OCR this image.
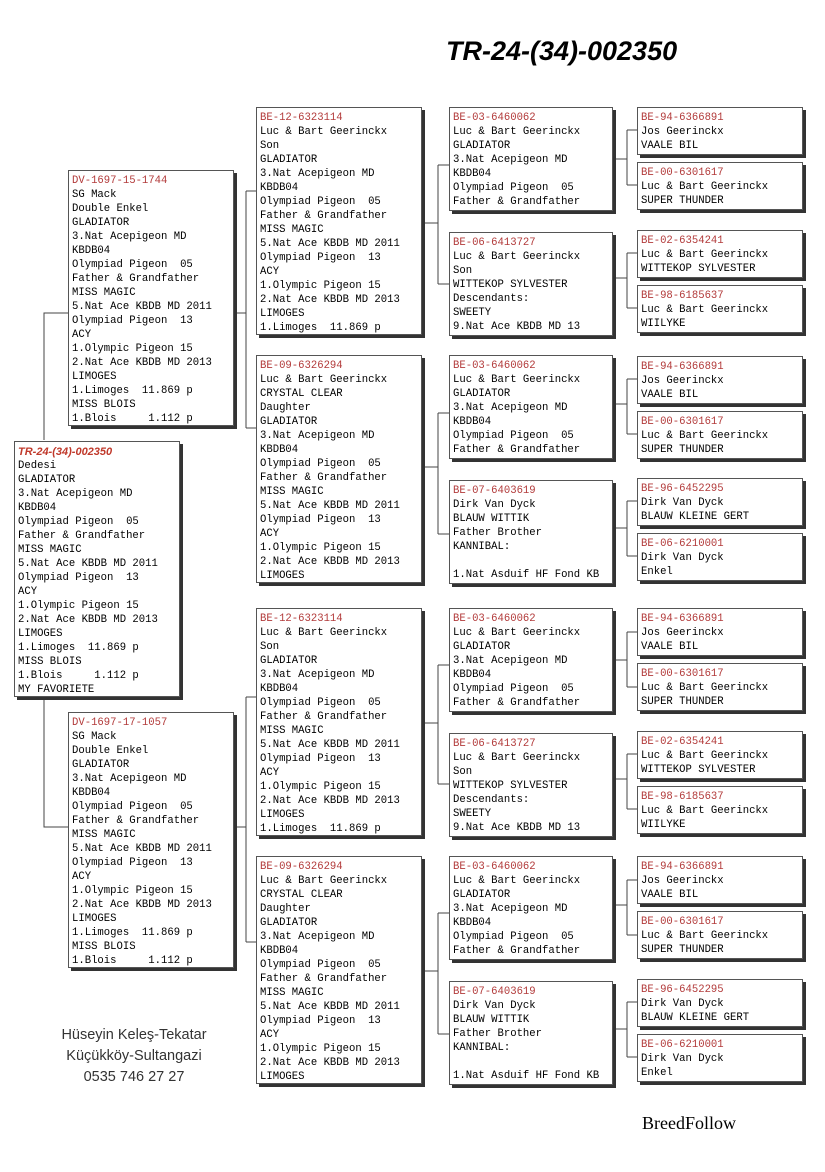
TR-24-(34)-002350
TR-24-(34)-002350
Dedesi
GLADIATOR
3.Nat Acepigeon MD
KBDB04
Olympiad Pigeon  05
Father & Grandfather
MISS MAGIC
5.Nat Ace KBDB MD 2011
Olympiad Pigeon  13
ACY
1.Olympic Pigeon 15
2.Nat Ace KBDB MD 2013
LIMOGES
1.Limoges  11.869 p
MISS BLOIS
1.Blois     1.112 p
MY FAVORIETE
DV-1697-15-1744
SG Mack
Double Enkel
GLADIATOR
3.Nat Acepigeon MD
KBDB04
Olympiad Pigeon  05
Father & Grandfather
MISS MAGIC
5.Nat Ace KBDB MD 2011
Olympiad Pigeon  13
ACY
1.Olympic Pigeon 15
2.Nat Ace KBDB MD 2013
LIMOGES
1.Limoges  11.869 p
MISS BLOIS
1.Blois     1.112 p
DV-1697-17-1057
SG Mack
Double Enkel
GLADIATOR
3.Nat Acepigeon MD
KBDB04
Olympiad Pigeon  05
Father & Grandfather
MISS MAGIC
5.Nat Ace KBDB MD 2011
Olympiad Pigeon  13
ACY
1.Olympic Pigeon 15
2.Nat Ace KBDB MD 2013
LIMOGES
1.Limoges  11.869 p
MISS BLOIS
1.Blois     1.112 p
BE-12-6323114
Luc & Bart Geerinckx
Son
GLADIATOR
3.Nat Acepigeon MD
KBDB04
Olympiad Pigeon  05
Father & Grandfather
MISS MAGIC
5.Nat Ace KBDB MD 2011
Olympiad Pigeon  13
ACY
1.Olympic Pigeon 15
2.Nat Ace KBDB MD 2013
LIMOGES
1.Limoges  11.869 p
BE-09-6326294
Luc & Bart Geerinckx
CRYSTAL CLEAR
Daughter
GLADIATOR
3.Nat Acepigeon MD
KBDB04
Olympiad Pigeon  05
Father & Grandfather
MISS MAGIC
5.Nat Ace KBDB MD 2011
Olympiad Pigeon  13
ACY
1.Olympic Pigeon 15
2.Nat Ace KBDB MD 2013
LIMOGES
BE-12-6323114
Luc & Bart Geerinckx
Son
GLADIATOR
3.Nat Acepigeon MD
KBDB04
Olympiad Pigeon  05
Father & Grandfather
MISS MAGIC
5.Nat Ace KBDB MD 2011
Olympiad Pigeon  13
ACY
1.Olympic Pigeon 15
2.Nat Ace KBDB MD 2013
LIMOGES
1.Limoges  11.869 p
BE-09-6326294
Luc & Bart Geerinckx
CRYSTAL CLEAR
Daughter
GLADIATOR
3.Nat Acepigeon MD
KBDB04
Olympiad Pigeon  05
Father & Grandfather
MISS MAGIC
5.Nat Ace KBDB MD 2011
Olympiad Pigeon  13
ACY
1.Olympic Pigeon 15
2.Nat Ace KBDB MD 2013
LIMOGES
BE-03-6460062
Luc & Bart Geerinckx
GLADIATOR
3.Nat Acepigeon MD
KBDB04
Olympiad Pigeon  05
Father & Grandfather
BE-06-6413727
Luc & Bart Geerinckx
Son
WITTEKOP SYLVESTER
Descendants:
SWEETY
9.Nat Ace KBDB MD 13
BE-03-6460062
Luc & Bart Geerinckx
GLADIATOR
3.Nat Acepigeon MD
KBDB04
Olympiad Pigeon  05
Father & Grandfather
BE-07-6403619
Dirk Van Dyck
BLAUW WITTIK
Father Brother
KANNIBAL:
1.Nat Asduif HF Fond KB
BE-03-6460062
Luc & Bart Geerinckx
GLADIATOR
3.Nat Acepigeon MD
KBDB04
Olympiad Pigeon  05
Father & Grandfather
BE-06-6413727
Luc & Bart Geerinckx
Son
WITTEKOP SYLVESTER
Descendants:
SWEETY
9.Nat Ace KBDB MD 13
BE-03-6460062
Luc & Bart Geerinckx
GLADIATOR
3.Nat Acepigeon MD
KBDB04
Olympiad Pigeon  05
Father & Grandfather
BE-07-6403619
Dirk Van Dyck
BLAUW WITTIK
Father Brother
KANNIBAL:
1.Nat Asduif HF Fond KB
BE-94-6366891
Jos Geerinckx
VAALE BIL
BE-00-6301617
Luc & Bart Geerinckx
SUPER THUNDER
BE-02-6354241
Luc & Bart Geerinckx
WITTEKOP SYLVESTER
BE-98-6185637
Luc & Bart Geerinckx
WIILYKE
BE-94-6366891
Jos Geerinckx
VAALE BIL
BE-00-6301617
Luc & Bart Geerinckx
SUPER THUNDER
BE-96-6452295
Dirk Van Dyck
BLAUW KLEINE GERT
BE-06-6210001
Dirk Van Dyck
Enkel
BE-94-6366891
Jos Geerinckx
VAALE BIL
BE-00-6301617
Luc & Bart Geerinckx
SUPER THUNDER
BE-02-6354241
Luc & Bart Geerinckx
WITTEKOP SYLVESTER
BE-98-6185637
Luc & Bart Geerinckx
WIILYKE
BE-94-6366891
Jos Geerinckx
VAALE BIL
BE-00-6301617
Luc & Bart Geerinckx
SUPER THUNDER
BE-96-6452295
Dirk Van Dyck
BLAUW KLEINE GERT
BE-06-6210001
Dirk Van Dyck
Enkel
Hüseyin Keleş-Tekatar
Küçükköy-Sultangazi
0535 746 27 27
BreedFollow
